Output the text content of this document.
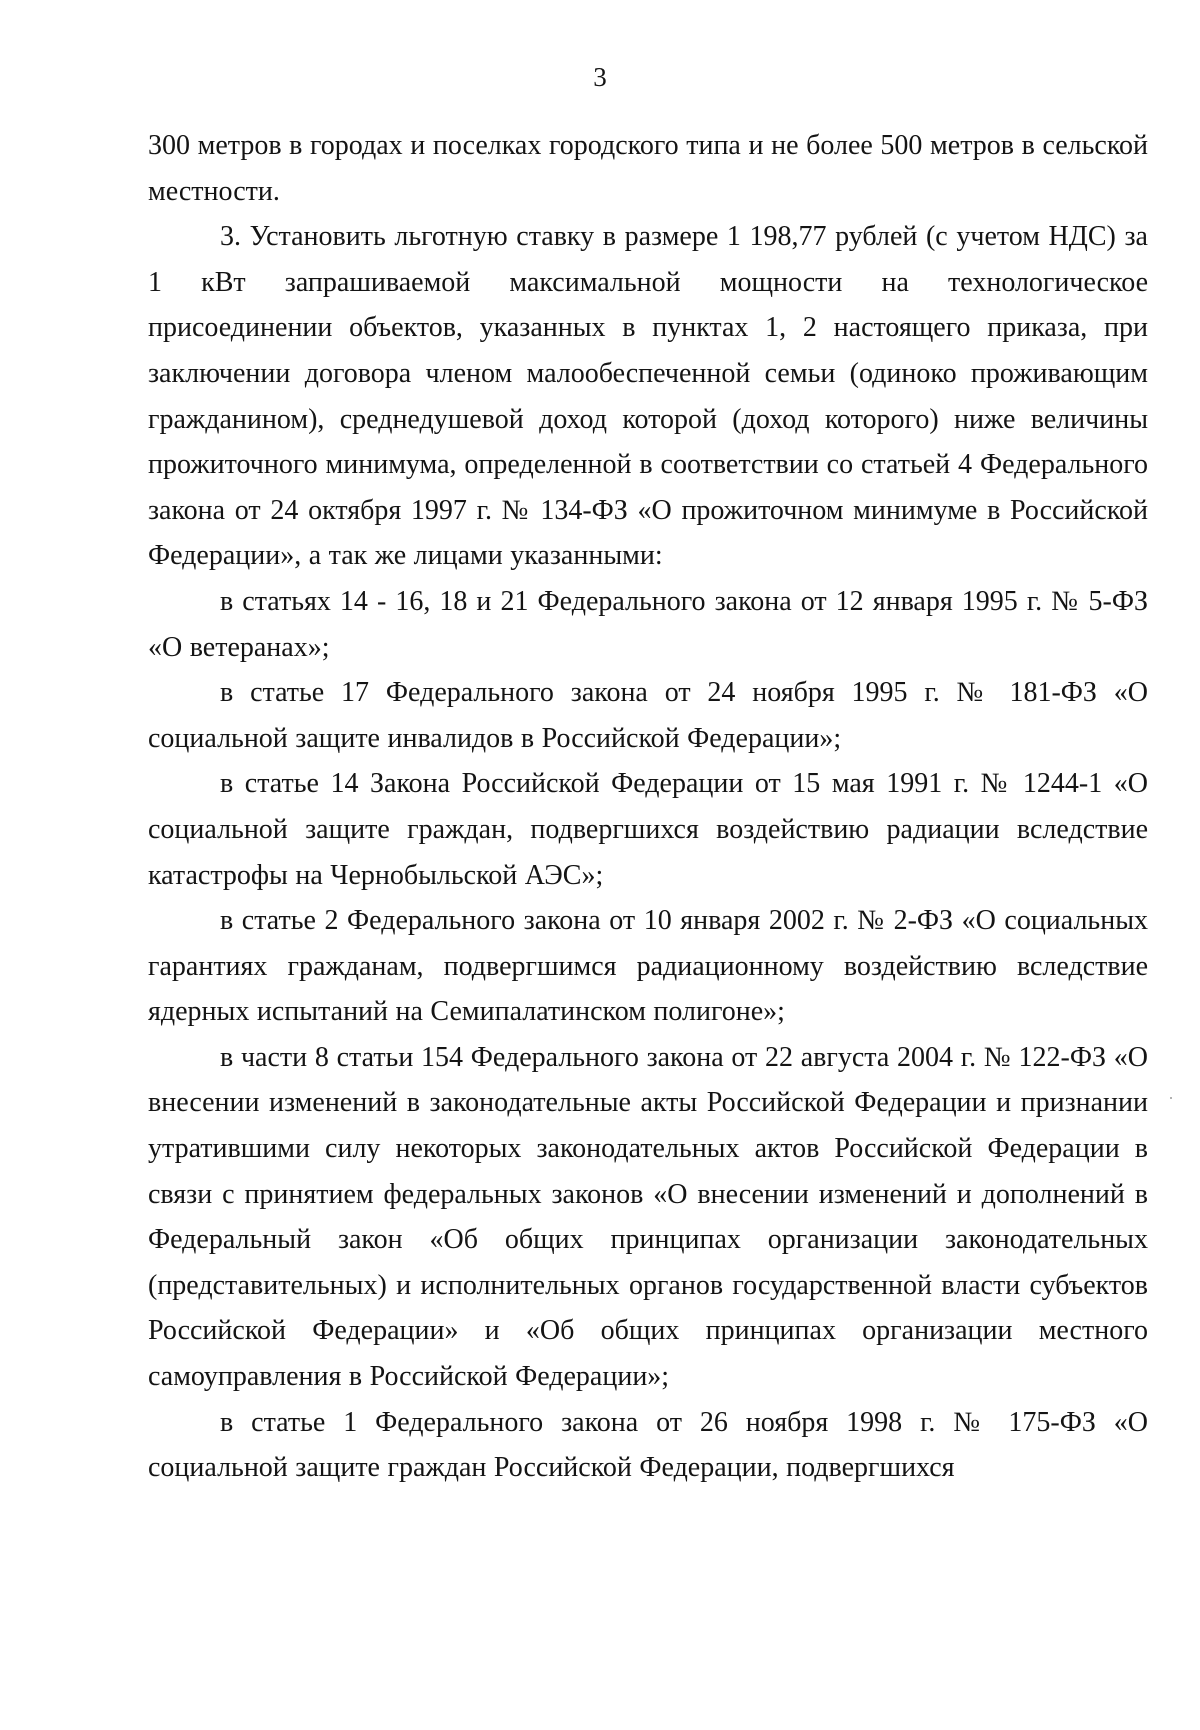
3

300 метров в городах и поселках городского типа и не более 500 метров в сельской местности.

3. Установить льготную ставку в размере 1 198,77 рублей (с учетом НДС) за 1 кВт запрашиваемой максимальной мощности на технологическое присоединении объектов, указанных в пунктах 1, 2 настоящего приказа, при заключении договора членом малообеспеченной семьи (одиноко проживающим гражданином), среднедушевой доход которой (доход которого) ниже величины прожиточного минимума, определенной в соответствии со статьей 4 Федерального закона от 24 октября 1997 г. № 134-ФЗ «О прожиточном минимуме в Российской Федерации», а так же лицами указанными:

в статьях 14 - 16, 18 и 21 Федерального закона от 12 января 1995 г. № 5-ФЗ «О ветеранах»;

в статье 17 Федерального закона от 24 ноября 1995 г. № 181-ФЗ «О социальной защите инвалидов в Российской Федерации»;

в статье 14 Закона Российской Федерации от 15 мая 1991 г. № 1244-1 «О социальной защите граждан, подвергшихся воздействию радиации вследствие катастрофы на Чернобыльской АЭС»;

в статье 2 Федерального закона от 10 января 2002 г. № 2-ФЗ «О социальных гарантиях гражданам, подвергшимся радиационному воздействию вследствие ядерных испытаний на Семипалатинском полигоне»;

в части 8 статьи 154 Федерального закона от 22 августа 2004 г. № 122-ФЗ «О внесении изменений в законодательные акты Российской Федерации и признании утратившими силу некоторых законодательных актов Российской Федерации в связи с принятием федеральных законов «О внесении изменений и дополнений в Федеральный закон «Об общих принципах организации законодательных (представительных) и исполнительных органов государственной власти субъектов Российской Федерации» и «Об общих принципах организации местного самоуправления в Российской Федерации»;

в статье 1 Федерального закона от 26 ноября 1998 г. № 175-ФЗ «О социальной защите граждан Российской Федерации, подвергшихся
